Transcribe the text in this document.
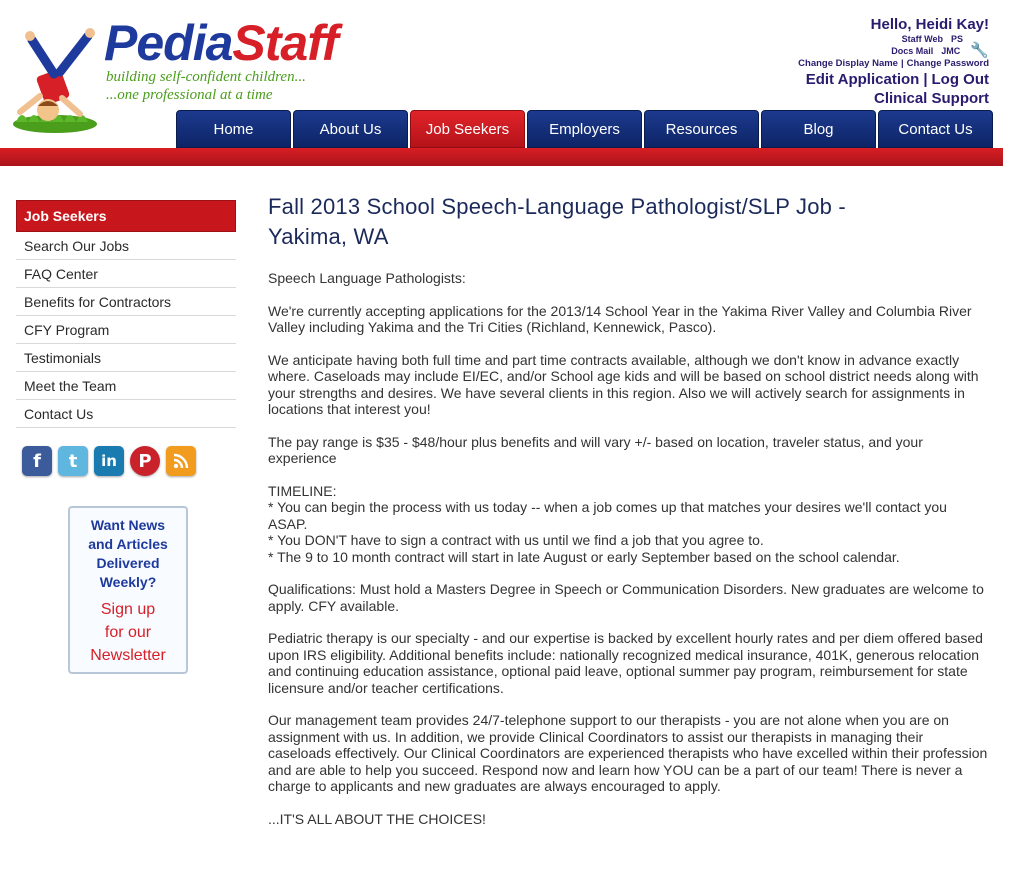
PediaStaff
building self-confident children...
...one professional at a time
Hello, Heidi Kay!
Staff Web PS
Docs Mail JMC 🔧
Change Display Name | Change Password
Edit Application | Log Out
Clinical Support
Home	About Us	Job Seekers	Employers	Resources	Blog	Contact Us
Job Seekers
Search Our Jobs
FAQ Center
Benefits for Contractors
CFY Program
Testimonials
Meet the Team
Contact Us
f	t	in	P
Want News
and Articles
Delivered
Weekly?
Sign up
for our
Newsletter
Fall 2013 School Speech-Language Pathologist/SLP Job -
Yakima, WA

Speech Language Pathologists:

We're currently accepting applications for the 2013/14 School Year in the Yakima River Valley and Columbia River Valley including Yakima and the Tri Cities (Richland, Kennewick, Pasco).

We anticipate having both full time and part time contracts available, although we don't know in advance exactly where. Caseloads may include EI/EC, and/or School age kids and will be based on school district needs along with your strengths and desires. We have several clients in this region. Also we will actively search for assignments in locations that interest you!

The pay range is $35 - $48/hour plus benefits and will vary +/- based on location, traveler status, and your experience

TIMELINE:
* You can begin the process with us today -- when a job comes up that matches your desires we'll contact you ASAP.
* You DON'T have to sign a contract with us until we find a job that you agree to.
* The 9 to 10 month contract will start in late August or early September based on the school calendar.

Qualifications: Must hold a Masters Degree in Speech or Communication Disorders. New graduates are welcome to apply. CFY available.

Pediatric therapy is our specialty - and our expertise is backed by excellent hourly rates and per diem offered based upon IRS eligibility. Additional benefits include: nationally recognized medical insurance, 401K, generous relocation and continuing education assistance, optional paid leave, optional summer pay program, reimbursement for state licensure and/or teacher certifications.

Our management team provides 24/7-telephone support to our therapists - you are not alone when you are on assignment with us. In addition, we provide Clinical Coordinators to assist our therapists in managing their caseloads effectively. Our Clinical Coordinators are experienced therapists who have excelled within their profession and are able to help you succeed. Respond now and learn how YOU can be a part of our team! There is never a charge to applicants and new graduates are always encouraged to apply.

...IT'S ALL ABOUT THE CHOICES!
